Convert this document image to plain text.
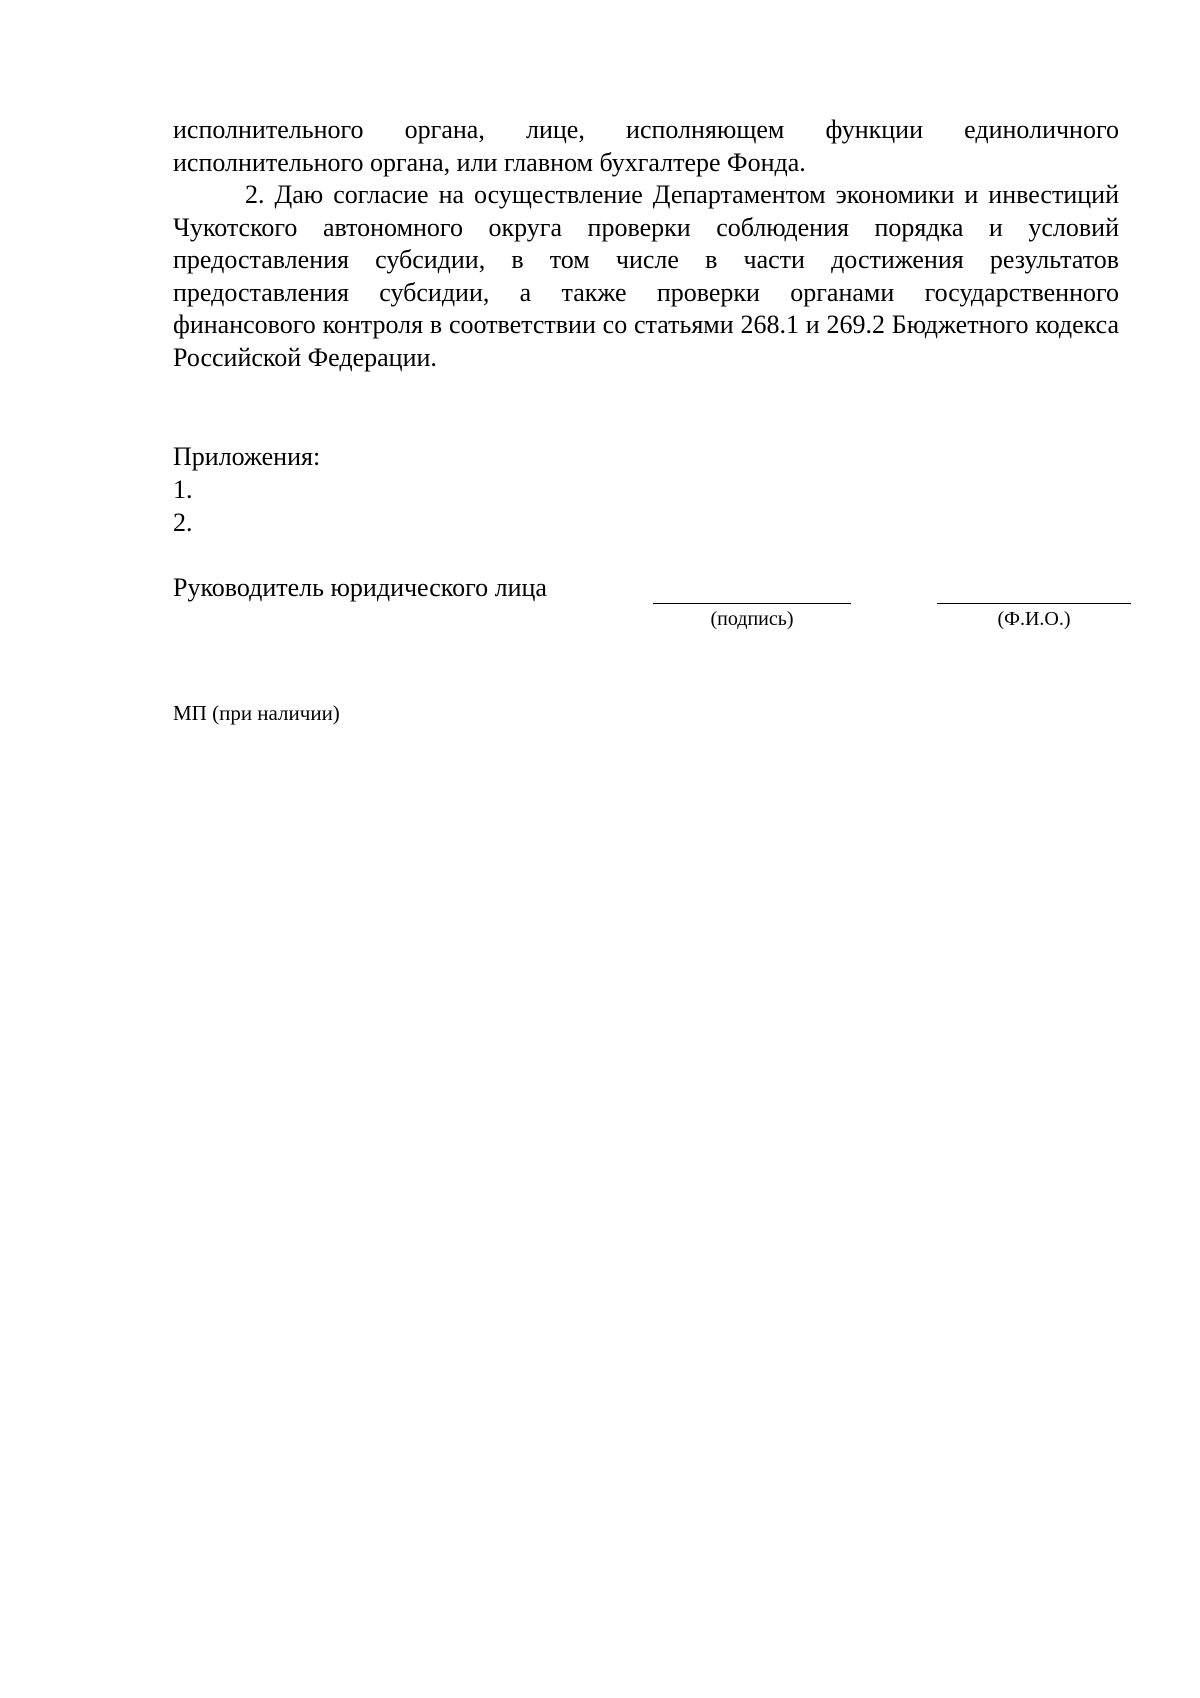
исполнительного органа, лице, исполняющем функции единоличного исполнительного органа, или главном бухгалтере Фонда.

2. Даю согласие на осуществление Департаментом экономики и инвестиций Чукотского автономного округа проверки соблюдения порядка и условий предоставления субсидии, в том числе в части достижения результатов предоставления субсидии, а также проверки органами государственного финансового контроля в соответствии со статьями 268.1 и 269.2 Бюджетного кодекса Российской Федерации.

Приложения:
1.
2.
Руководитель юридического лица
(подпись)	(Ф.И.О.)
МП (при наличии)
